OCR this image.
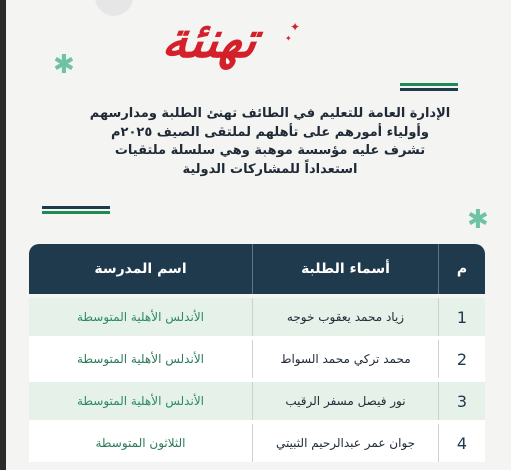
تهنئة	✦
✦
✱
✱
الإدارة العامة للتعليم في الطائف تهنئ الطلبة ومدارسهم
وأولياء أمورهم على تأهلهم لملتقى الصيف ٢٠٢٥م
تشرف عليه مؤسسة موهبة وهي سلسلة ملتقيات
استعداداً للمشاركات الدولية
م
أسماء الطلبة
اسم المدرسة
1
زياد محمد يعقوب خوجه
الأندلس الأهلية المتوسطة
2
محمد تركي محمد السواط
الأندلس الأهلية المتوسطة
3
نور فيصل مسفر الرقيب
الأندلس الأهلية المتوسطة
4
جوان عمر عبدالرحيم الثبيتي
الثلاثون المتوسطة
